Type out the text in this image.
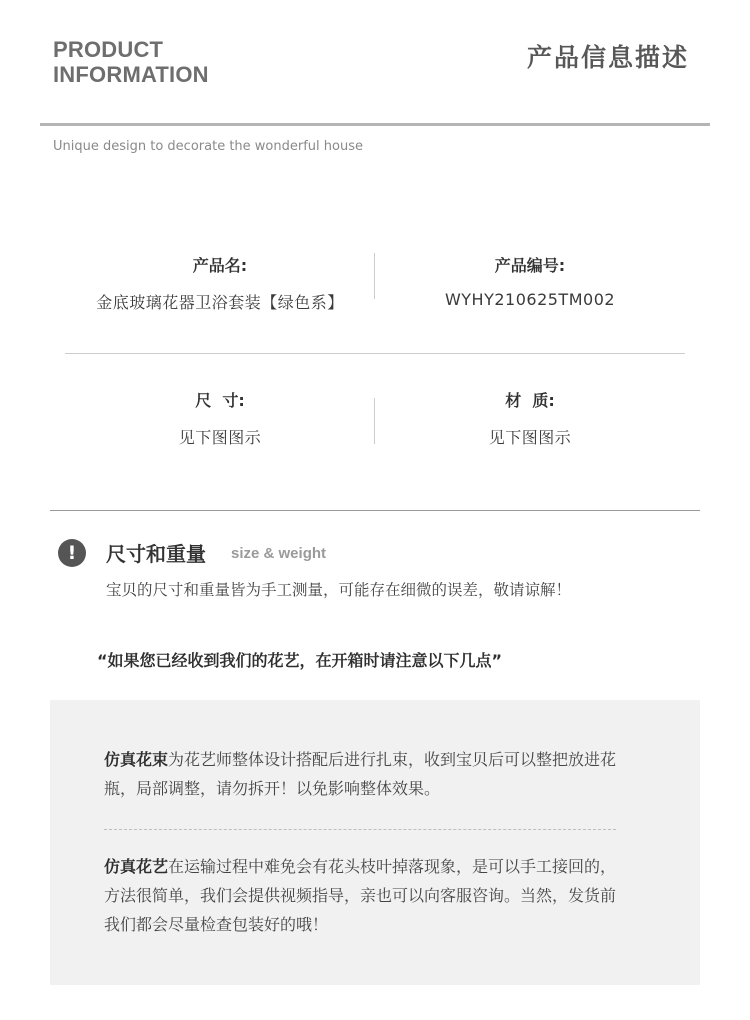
PRODUCT
INFORMATION
产品信息描述
Unique design to decorate the wonderful house
产品名:
金底玻璃花器卫浴套装【绿色系】
产品编号:
WYHY210625TM002
尺  寸:
见下图图示
材  质:
见下图图示
!	尺寸和重量 size & weight
宝贝的尺寸和重量皆为手工测量，可能存在细微的误差，敬请谅解！
“如果您已经收到我们的花艺，在开箱时请注意以下几点”

仿真花束为花艺师整体设计搭配后进行扎束，收到宝贝后可以整把放进花瓶，局部调整，请勿拆开！以免影响整体效果。

仿真花艺在运输过程中难免会有花头枝叶掉落现象，是可以手工接回的，方法很简单，我们会提供视频指导，亲也可以向客服咨询。当然，发货前我们都会尽量检查包装好的哦！
